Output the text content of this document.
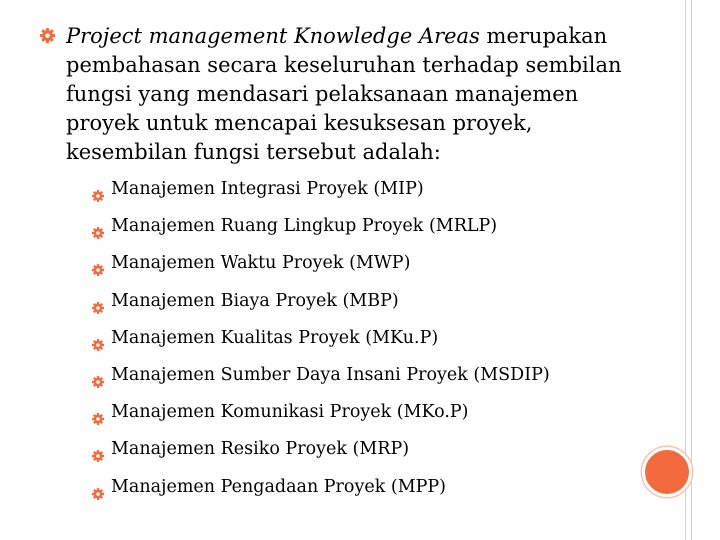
Project management Knowledge Areas merupakan pembahasan secara keseluruhan terhadap sembilan fungsi yang mendasari pelaksanaan manajemen proyek untuk mencapai kesuksesan proyek, kesembilan fungsi tersebut adalah:
Manajemen Integrasi Proyek (MIP)
Manajemen Ruang Lingkup Proyek (MRLP)
Manajemen Waktu Proyek (MWP)
Manajemen Biaya Proyek (MBP)
Manajemen Kualitas Proyek (MKu.P)
Manajemen Sumber Daya Insani Proyek (MSDIP)
Manajemen Komunikasi Proyek (MKo.P)
Manajemen Resiko Proyek (MRP)
Manajemen Pengadaan Proyek (MPP)
